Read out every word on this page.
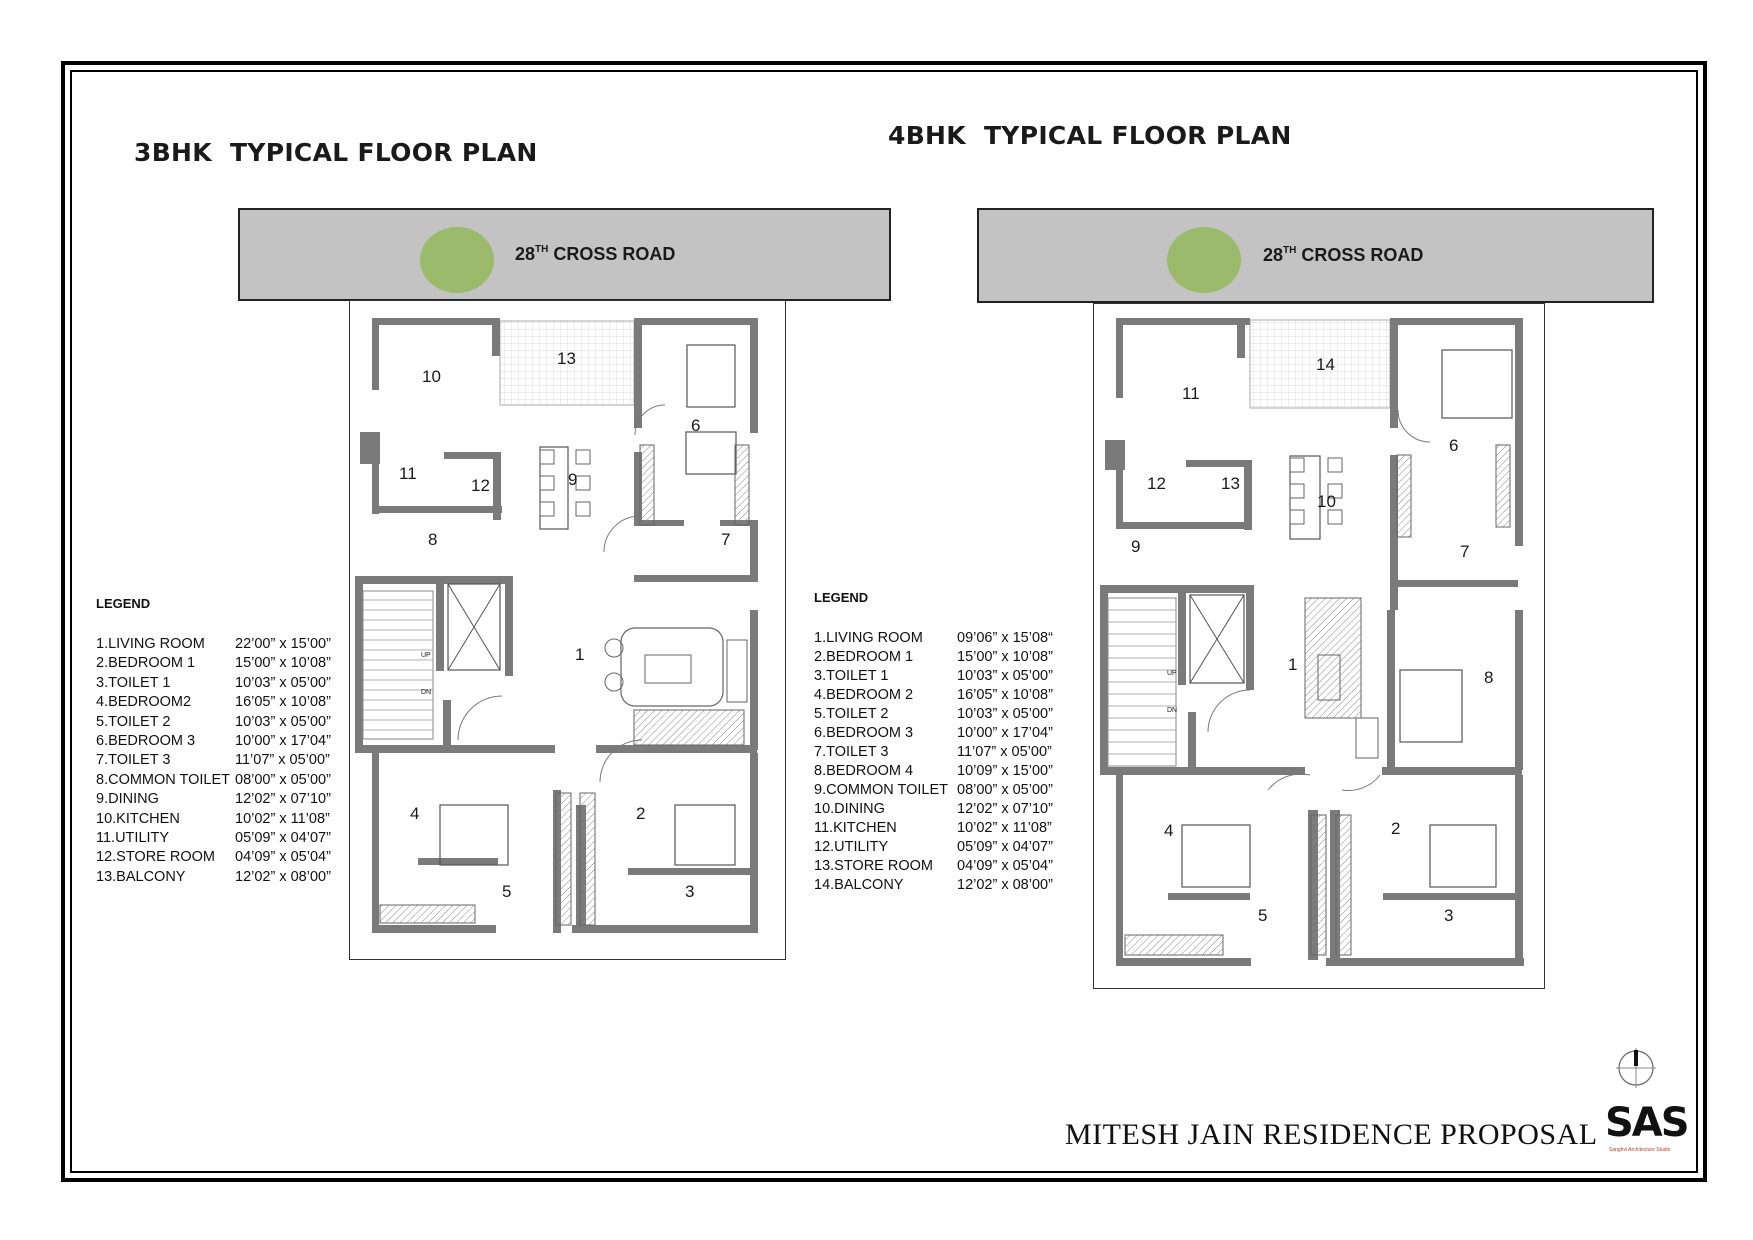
3BHK  TYPICAL FLOOR PLAN
4BHK  TYPICAL FLOOR PLAN
28TH CROSS ROAD	28TH CROSS ROAD
1
2
3
4
5
6
7
8
9
10
11
12
13
UP
DN
1
2
3
4
5
6
7
8
9
10
11
12	13
14
UP
DN
LEGEND
1.LIVING ROOM 22’00” x 15’00”
2.BEDROOM 1	15’00” x 10’08”
3.TOILET 1	10’03” x 05’00”
4.BEDROOM2	16’05” x 10’08”
5.TOILET 2	10’03” x 05’00”
6.BEDROOM 3	10’00” x 17’04”
7.TOILET 3	11’07” x 05’00”
8.COMMON TOILET 08’00” x 05’00”
9.DINING	12’02” x 07’10”
10.KITCHEN	10’02” x 11’08”
11.UTILITY	05’09” x 04’07”
12.STORE ROOM 04’09” x 05’04”
13.BALCONY	12’02” x 08’00”
LEGEND
1.LIVING ROOM 09’06” x 15’08“
2.BEDROOM 1	15’00” x 10’08”
3.TOILET 1	10’03” x 05’00”
4.BEDROOM 2	16’05” x 10’08”
5.TOILET 2	10’03” x 05’00”
6.BEDROOM 3	10’00” x 17’04”
7.TOILET 3	11’07” x 05’00”
8.BEDROOM 4	10’09” x 15’00”
9.COMMON TOILET 08’00” x 05’00”
10.DINING	12’02” x 07’10”
11.KITCHEN	10’02” x 11’08”
12.UTILITY	05’09” x 04’07”
13.STORE ROOM 04’09” x 05’04”
14.BALCONY	12’02” x 08’00”
MITESH JAIN RESIDENCE PROPOSAL SAS
Sanghvi Architecture Studio
